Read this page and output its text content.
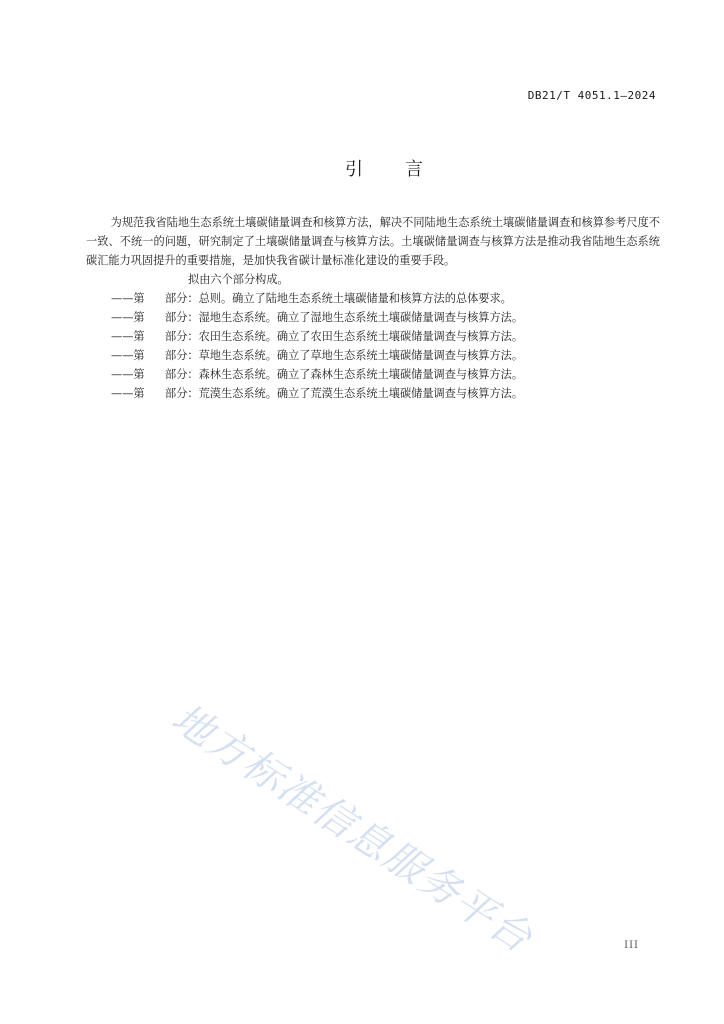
DB21/T 4051.1—2024
引 言

为规范我省陆地生态系统土壤碳储量调查和核算方法，解决不同陆地生态系统土壤碳储量调查和核算参考尺度不一致、不统一的问题，研究制定了土壤碳储量调查与核算方法。土壤碳储量调查与核算方法是推动我省陆地生态系统碳汇能力巩固提升的重要措施，是加快我省碳计量标准化建设的重要手段。

拟由六个部分构成。

——第 部分：总则。确立了陆地生态系统土壤碳储量和核算方法的总体要求。
——第 部分：湿地生态系统。确立了湿地生态系统土壤碳储量调查与核算方法。
——第 部分：农田生态系统。确立了农田生态系统土壤碳储量调查与核算方法。
——第 部分：草地生态系统。确立了草地生态系统土壤碳储量调查与核算方法。
——第 部分：森林生态系统。确立了森林生态系统土壤碳储量调查与核算方法。
——第 部分：荒漠生态系统。确立了荒漠生态系统土壤碳储量调查与核算方法。
地方标准信息服务平台	III
